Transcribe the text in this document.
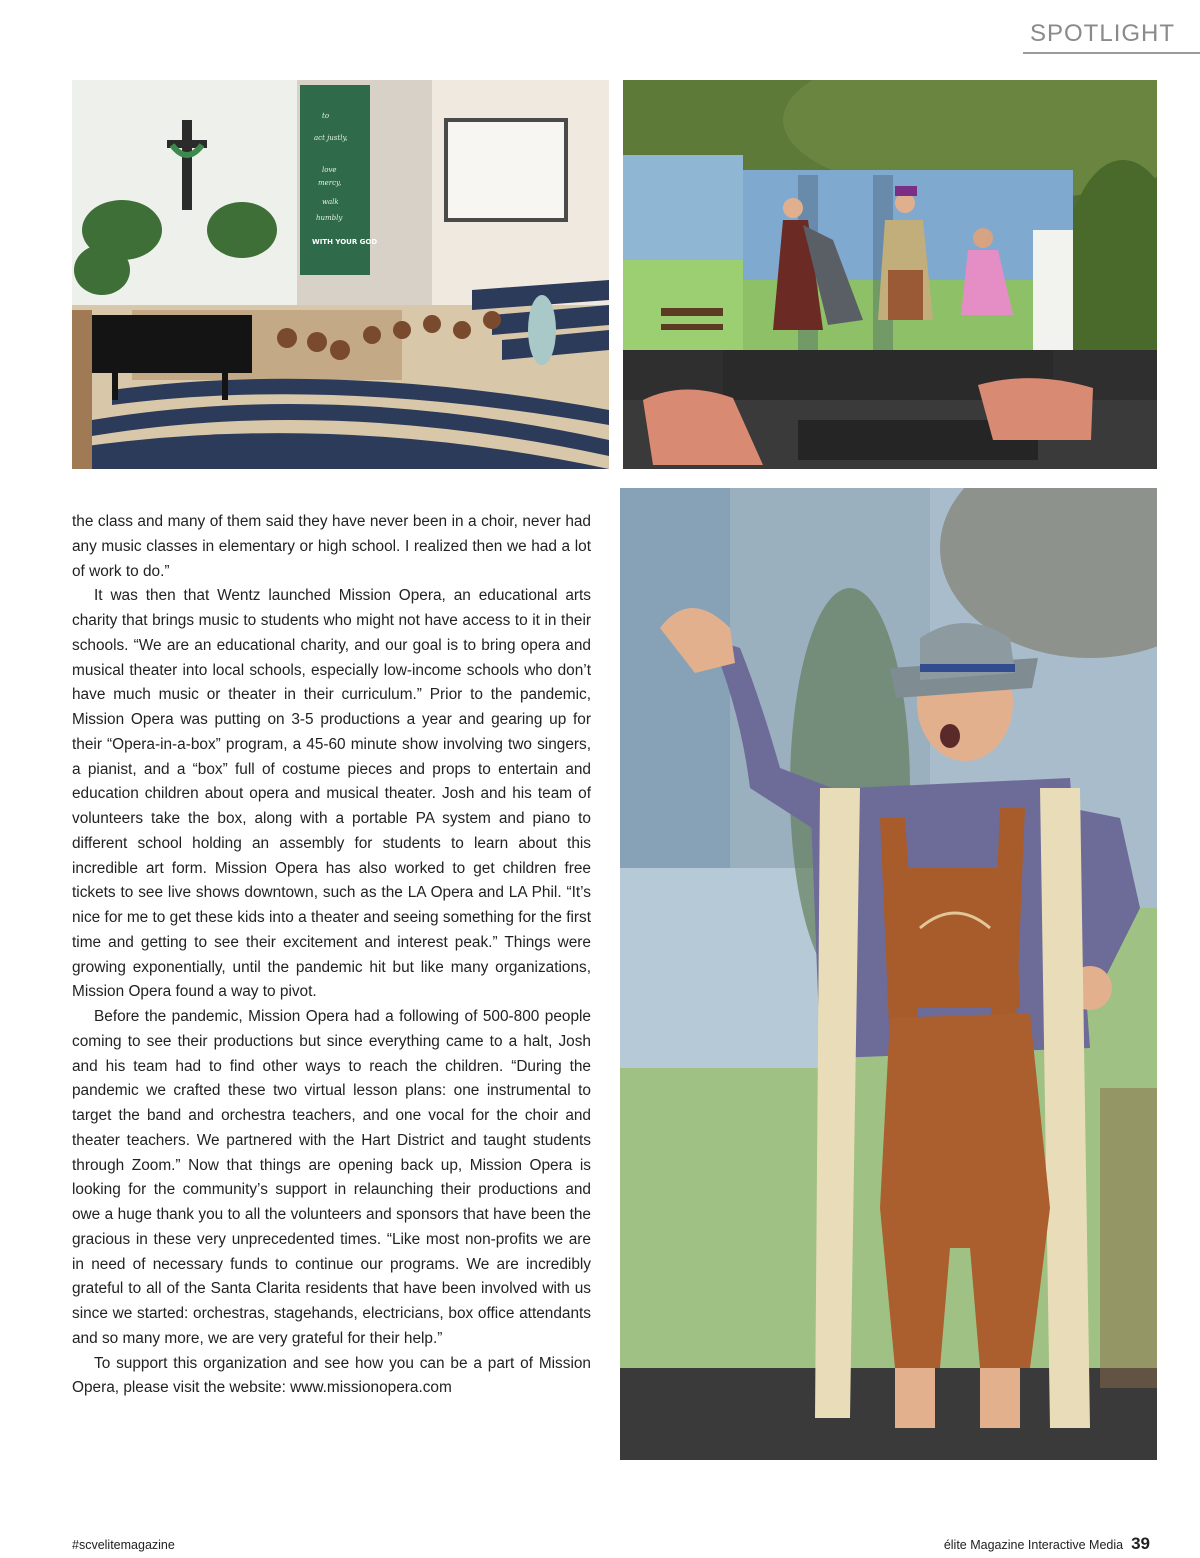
SPOTLIGHT
to
act justly,
love
mercy,
walk
humbly
WITH YOUR GOD

the class and many of them said they have never been in a choir, never had any music classes in elementary or high school. I realized then we had a lot of work to do.”

It was then that Wentz launched Mission Opera, an educational arts charity that brings music to students who might not have access to it in their schools. “We are an educational charity, and our goal is to bring opera and musical theater into local schools, especially low-income schools who don’t have much music or theater in their curriculum.” Prior to the pandemic, Mission Opera was putting on 3-5 productions a year and gearing up for their “Opera-in-a-box” program, a 45-60 minute show involving two singers, a pianist, and a “box” full of costume pieces and props to entertain and education children about opera and musical theater. Josh and his team of volunteers take the box, along with a portable PA system and piano to different school holding an assembly for students to learn about this incredible art form. Mission Opera has also worked to get children free tickets to see live shows downtown, such as the LA Opera and LA Phil. “It’s nice for me to get these kids into a theater and seeing something for the first time and getting to see their excitement and interest peak.” Things were growing exponentially, until the pandemic hit but like many organizations, Mission Opera found a way to pivot.

Before the pandemic, Mission Opera had a following of 500-800 people coming to see their productions but since everything came to a halt, Josh and his team had to find other ways to reach the children. “During the pandemic we crafted these two virtual lesson plans: one instrumental to target the band and orchestra teachers, and one vocal for the choir and theater teachers. We partnered with the Hart District and taught students through Zoom.” Now that things are opening back up, Mission Opera is looking for the community’s support in relaunching their productions and owe a huge thank you to all the volunteers and sponsors that have been the gracious in these very unprecedented times. “Like most non-profits we are in need of necessary funds to continue our programs. We are incredibly grateful to all of the Santa Clarita residents that have been involved with us since we started: orchestras, stagehands, electricians, box office attendants and so many more, we are very grateful for their help.”

To support this organization and see how you can be a part of Mission Opera, please visit the website: www.missionopera.com

#scvelitemagazine	élite Magazine Interactive Media 39
